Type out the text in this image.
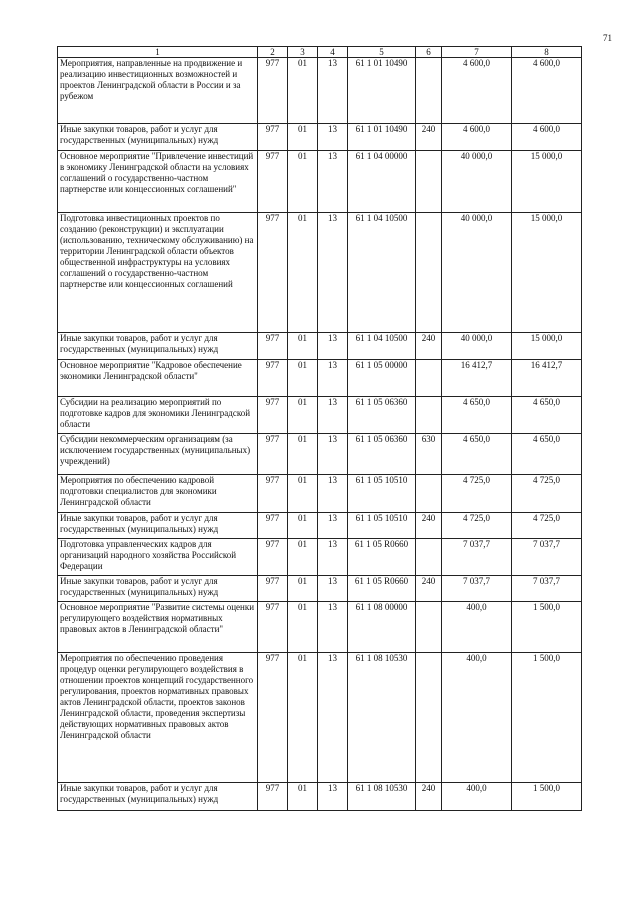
71
1	2	3	4	5	6	7	8
Мероприятия, направленные на продвижение и реализацию инвестиционных возможностей и проектов Ленинградской области в России и за рубежом	977	01	13	61 1 01 10490		4 600,0	4 600,0
Иные закупки товаров, работ и услуг для государственных (муниципальных) нужд	977	01	13	61 1 01 10490	240	4 600,0	4 600,0
Основное мероприятие "Привлечение инвестиций в экономику Ленинградской области на условиях соглашений о государственно-частном партнерстве или концессионных соглашений"	977	01	13	61 1 04 00000		40 000,0	15 000,0
Подготовка инвестиционных проектов по созданию (реконструкции) и эксплуатации (использованию, техническому обслуживанию) на территории Ленинградской области объектов общественной инфраструктуры на условиях соглашений о государственно-частном партнерстве или концессионных соглашений	977	01	13	61 1 04 10500		40 000,0	15 000,0
Иные закупки товаров, работ и услуг для государственных (муниципальных) нужд	977	01	13	61 1 04 10500	240	40 000,0	15 000,0
Основное мероприятие "Кадровое обеспечение экономики Ленинградской области"	977	01	13	61 1 05 00000		16 412,7	16 412,7
Субсидии на реализацию мероприятий по подготовке кадров для экономики Ленинградской области	977	01	13	61 1 05 06360		4 650,0	4 650,0
Субсидии некоммерческим организациям (за исключением государственных (муниципальных) учреждений)	977	01	13	61 1 05 06360	630	4 650,0	4 650,0
Мероприятия по обеспечению кадровой подготовки специалистов для экономики Ленинградской области	977	01	13	61 1 05 10510		4 725,0	4 725,0
Иные закупки товаров, работ и услуг для государственных (муниципальных) нужд	977	01	13	61 1 05 10510	240	4 725,0	4 725,0
Подготовка управленческих кадров для организаций народного хозяйства Российской Федерации	977	01	13	61 1 05 R0660		7 037,7	7 037,7
Иные закупки товаров, работ и услуг для государственных (муниципальных) нужд	977	01	13	61 1 05 R0660	240	7 037,7	7 037,7
Основное мероприятие "Развитие системы оценки регулирующего воздействия нормативных правовых актов в Ленинградской области"	977	01	13	61 1 08 00000		400,0	1 500,0
Мероприятия по обеспечению проведения процедур оценки регулирующего воздействия в отношении проектов концепций государственного регулирования, проектов нормативных правовых актов Ленинградской области, проектов законов Ленинградской области, проведения экспертизы действующих нормативных правовых актов Ленинградской области	977	01	13	61 1 08 10530		400,0	1 500,0
Иные закупки товаров, работ и услуг для государственных (муниципальных) нужд	977	01	13	61 1 08 10530	240	400,0	1 500,0
